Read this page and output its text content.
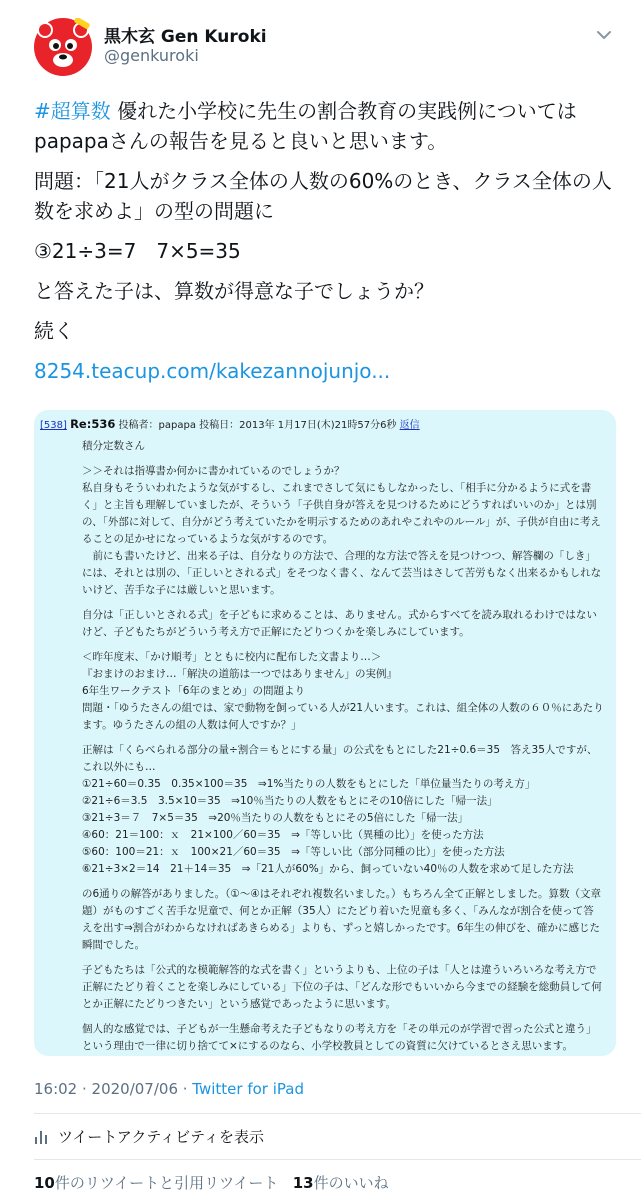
黒木玄 Gen Kuroki
@genkuroki

#超算数 優れた小学校に先生の割合教育の実践例についてはpapapaさんの報告を見ると良いと思います。

問題：「21人がクラス全体の人数の60%のとき、クラス全体の人数を求めよ」の型の問題に

③21÷3=7　7×5=35

と答えた子は、算数が得意な子でしょうか？

続く

8254.teacup.com/kakezannojunjo...

[538] Re:536 投稿者：papapa 投稿日：2013年 1月17日(木)21時57分6秒 返信
積分定数さん
＞＞それは指導書か何かに書かれているのでしょうか？
私自身もそういわれたような気がするし、これまでさして気にもしなかったし、「相手に分かるように式を書く」と主旨も理解していましたが、そういう「子供自身が答えを見つけるためにどうすればいいのか」とは別の、「外部に対して、自分がどう考えていたかを明示するためのあれやこれやのルール」が、子供が自由に考えることの足かせになっているような気がするのです。
　前にも書いたけど、出来る子は、自分なりの方法で、合理的な方法で答えを見つけつつ、解答欄の「しき」には、それとは別の、「正しいとされる式」をそつなく書く、なんて芸当はさして苦労もなく出来るかもしれないけど、苦手な子には厳しいと思います。
自分は「正しいとされる式」を子どもに求めることは、ありません。式からすべてを読み取れるわけではないけど、子どもたちがどういう考え方で正解にたどりつくかを楽しみにしています。
＜昨年度末、「かけ順考」とともに校内に配布した文書より…＞
『おまけのおまけ…「解決の道筋は一つではありません」の実例』
6年生ワークテスト「6年のまとめ」の問題より
問題・「ゆうたさんの組では、家で動物を飼っている人が21人います。これは、組全体の人数の６０％にあたります。ゆうたさんの組の人数は何人ですか？」
正解は「くらべられる部分の量÷割合＝もとにする量」の公式をもとにした21÷0.6＝35　答え35人ですが、これ以外にも…
①21÷60＝0.35　0.35×100＝35　⇒1%当たりの人数をもとにした「単位量当たりの考え方」
②21÷6＝3.5　3.5×10＝35　⇒10％当たりの人数をもとにその10倍にした「帰一法」
③21÷3＝７　7×5＝35　⇒20％当たりの人数をもとにその5倍にした「帰一法」
④60：21＝100：ｘ　21×100／60＝35　⇒「等しい比（異種の比）」を使った方法
⑤60：100＝21：ｘ　100×21／60＝35　⇒「等しい比（部分同種の比）」を使った方法
⑥21÷3×2＝14　21＋14＝35　⇒「21人が60%」から、飼っていない40％の人数を求めて足した方法
の6通りの解答がありました。（①～④はそれぞれ複数名いました。）もちろん全て正解としました。算数（文章題）がものすごく苦手な児童で、何とか正解（35人）にたどり着いた児童も多く、「みんなが割合を使って答えを出す⇒割合がわからなければあきらめる」よりも、ずっと嬉しかったです。6年生の伸びを、確かに感じた瞬間でした。
子どもたちは「公式的な模範解答的な式を書く」というよりも、上位の子は「人とは違ういろいろな考え方で正解にたどり着くことを楽しみにしている」下位の子は、「どんな形でもいいから今までの経験を総動員して何とか正解にたどりつきたい」という感覚であったように思います。
個人的な感覚では、子どもが一生懸命考えた子どもなりの考え方を「その単元のが学習で習った公式と違う」という理由で一律に切り捨てて×にするのなら、小学校教員としての資質に欠けているとさえ思います。
16:02 · 2020/07/06 · Twitter for iPad
ツイートアクティビティを表示
10件のリツイートと引用リツイート 13件のいいね
